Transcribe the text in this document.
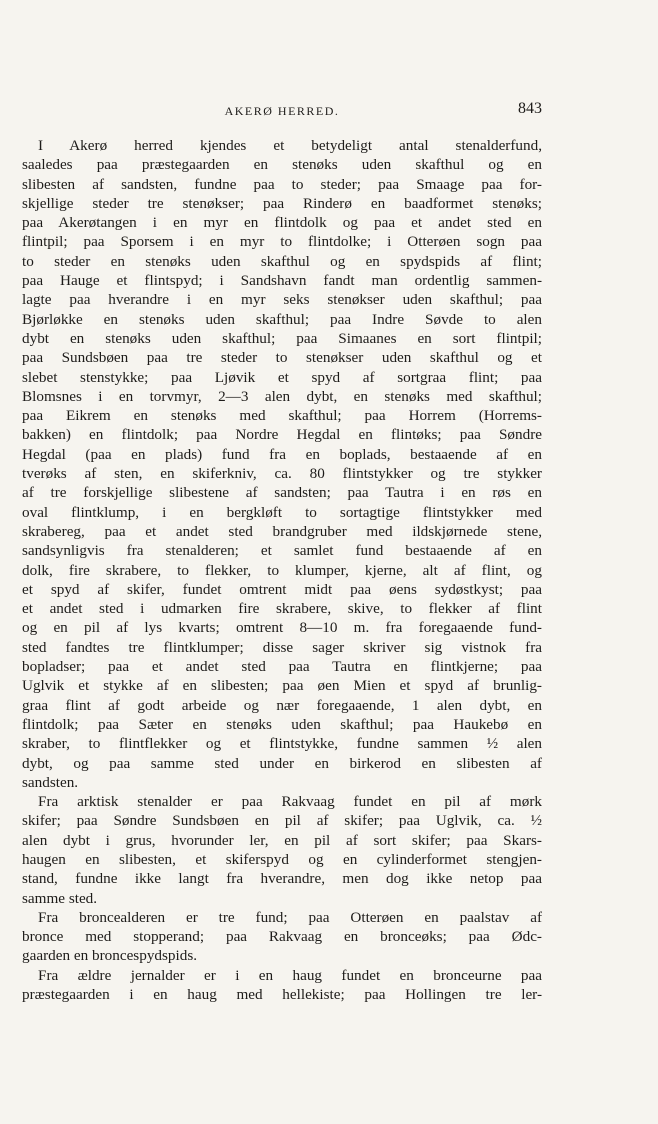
AKERØ HERRED.	843
I Akerø herred kjendes et betydeligt antal stenalderfund,
saaledes paa præstegaarden en stenøks uden skafthul og en
slibesten af sandsten, fundne paa to steder; paa Smaage paa for-
skjellige steder tre stenøkser; paa Rinderø en baadformet stenøks;
paa Akerøtangen i en myr en flintdolk og paa et andet sted en
flintpil; paa Sporsem i en myr to flintdolke; i Otterøen sogn paa
to steder en stenøks uden skafthul og en spydspids af flint;
paa Hauge et flintspyd; i Sandshavn fandt man ordentlig sammen-
lagte paa hverandre i en myr seks stenøkser uden skafthul; paa
Bjørløkke en stenøks uden skafthul; paa Indre Søvde to alen
dybt en stenøks uden skafthul; paa Simaanes en sort flintpil;
paa Sundsbøen paa tre steder to stenøkser uden skafthul og et
slebet stenstykke; paa Ljøvik et spyd af sortgraa flint; paa
Blomsnes i en torvmyr, 2—3 alen dybt, en stenøks med skafthul;
paa Eikrem en stenøks med skafthul; paa Horrem (Horrems-
bakken) en flintdolk; paa Nordre Hegdal en flintøks; paa Søndre
Hegdal (paa en plads) fund fra en boplads, bestaaende af en
tverøks af sten, en skiferkniv, ca. 80 flintstykker og tre stykker
af tre forskjellige slibestene af sandsten; paa Tautra i en røs en
oval flintklump, i en bergkløft to sortagtige flintstykker med
skrabereg, paa et andet sted brandgruber med ildskjørnede stene,
sandsynligvis fra stenalderen; et samlet fund bestaaende af en
dolk, fire skrabere, to flekker, to klumper, kjerne, alt af flint, og
et spyd af skifer, fundet omtrent midt paa øens sydøstkyst; paa
et andet sted i udmarken fire skrabere, skive, to flekker af flint
og en pil af lys kvarts; omtrent 8—10 m. fra foregaaende fund-
sted fandtes tre flintklumper; disse sager skriver sig vistnok fra
bopladser; paa et andet sted paa Tautra en flintkjerne; paa
Uglvik et stykke af en slibesten; paa øen Mien et spyd af brunlig-
graa flint af godt arbeide og nær foregaaende, 1 alen dybt, en
flintdolk; paa Sæter en stenøks uden skafthul; paa Haukebø en
skraber, to flintflekker og et flintstykke, fundne sammen ½ alen
dybt, og paa samme sted under en birkerod en slibesten af
sandsten.
Fra arktisk stenalder er paa Rakvaag fundet en pil af mørk
skifer; paa Søndre Sundsbøen en pil af skifer; paa Uglvik, ca. ½
alen dybt i grus, hvorunder ler, en pil af sort skifer; paa Skars-
haugen en slibesten, et skiferspyd og en cylinderformet stengjen-
stand, fundne ikke langt fra hverandre, men dog ikke netop paa
samme sted.
Fra broncealderen er tre fund; paa Otterøen en paalstav af
bronce med stopperand; paa Rakvaag en bronceøks; paa Ødc-
gaarden en broncespydspids.
Fra ældre jernalder er i en haug fundet en bronceurne paa
præstegaarden i en haug med hellekiste; paa Hollingen tre ler-
